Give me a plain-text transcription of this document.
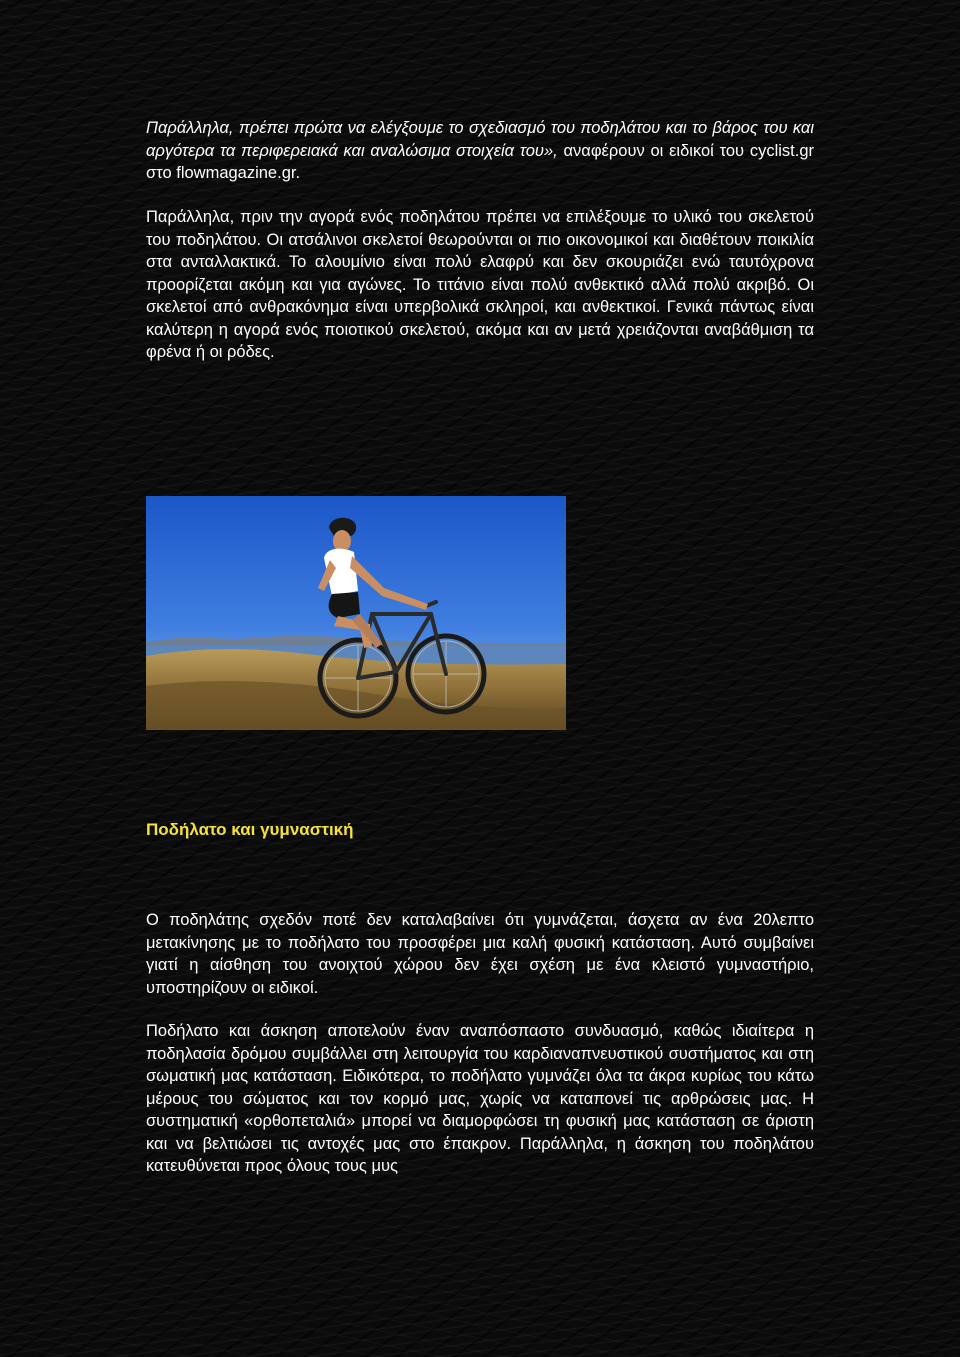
Παράλληλα, πρέπει πρώτα να ελέγξουμε το σχεδιασμό του ποδηλάτου και το βάρος του και αργότερα τα περιφερειακά και αναλώσιμα στοιχεία του», αναφέρουν οι ειδικοί του cyclist.gr στο flowmagazine.gr.

Παράλληλα, πριν την αγορά ενός ποδηλάτου πρέπει να επιλέξουμε το υλικό του σκελετού του ποδηλάτου. Οι ατσάλινοι σκελετοί θεωρούνται οι πιο οικονομικοί και διαθέτουν ποικιλία στα ανταλλακτικά. Το αλουμίνιο είναι πολύ ελαφρύ και δεν σκουριάζει ενώ ταυτόχρονα προορίζεται ακόμη και για αγώνες. Το τιτάνιο είναι πολύ ανθεκτικό αλλά πολύ ακριβό. Οι σκελετοί από ανθρακόνημα είναι υπερβολικά σκληροί, και ανθεκτικοί. Γενικά πάντως είναι καλύτερη η αγορά ενός ποιοτικού σκελετού, ακόμα και αν μετά χρειάζονται αναβάθμιση τα φρένα ή οι ρόδες.

Ποδήλατο και γυμναστική

Ο ποδηλάτης σχεδόν ποτέ δεν καταλαβαίνει ότι γυμνάζεται, άσχετα αν ένα 20λεπτο μετακίνησης με το ποδήλατο του προσφέρει μια καλή φυσική κατάσταση. Αυτό συμβαίνει γιατί η αίσθηση του ανοιχτού χώρου δεν έχει σχέση με ένα κλειστό γυμναστήριο, υποστηρίζουν οι ειδικοί.

Ποδήλατο και άσκηση αποτελούν έναν αναπόσπαστο συνδυασμό, καθώς ιδιαίτερα η ποδηλασία δρόμου συμβάλλει στη λειτουργία του καρδιαναπνευστικού συστήματος και στη σωματική μας κατάσταση. Ειδικότερα, το ποδήλατο γυμνάζει όλα τα άκρα κυρίως του κάτω μέρους του σώματος και τον κορμό μας, χωρίς να καταπονεί τις αρθρώσεις μας. Η συστηματική «ορθοπεταλιά» μπορεί να διαμορφώσει τη φυσική μας κατάσταση σε άριστη και να βελτιώσει τις αντοχές μας στο έπακρον. Παράλληλα, η άσκηση του ποδηλάτου κατευθύνεται προς όλους τους μυς
